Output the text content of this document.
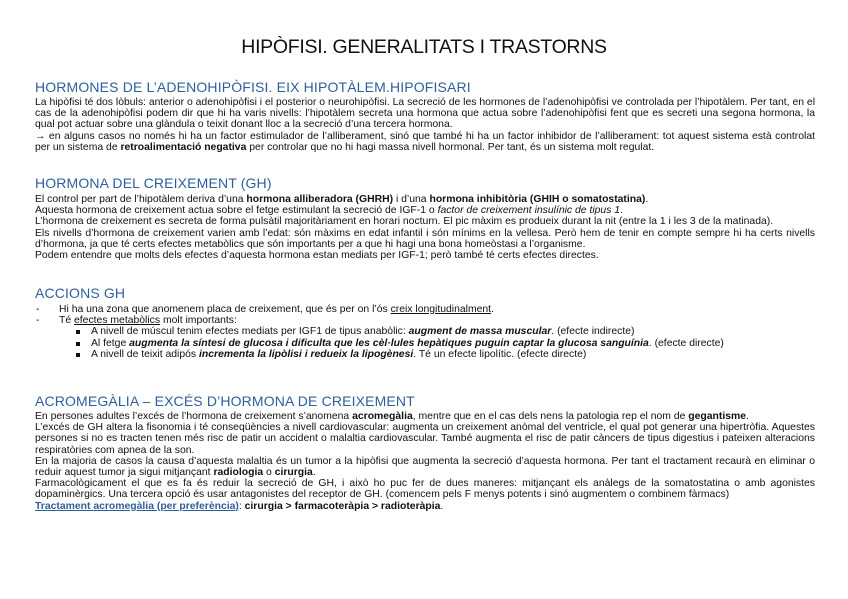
HIPÒFISI. GENERALITATS I TRASTORNS
HORMONES DE L’ADENOHIPÒFISI. EIX HIPOTÀLEM.HIPOFISARI

La hipòfisi té dos lòbuls: anterior o adenohipòfisi i el posterior o neurohipòfisi. La secreció de les hormones de l’adenohipòfisi ve controlada per l’hipotàlem. Per tant, en el cas de la adenohipòfisi podem dir que hi ha varis nivells: l’hipotàlem secreta una hormona que actua sobre l’adenohipòfisi fent que es secreti una segona hormona, la qual pot actuar sobre una glàndula o teixit donant lloc a la secreció d’una tercera hormona.

→ en alguns casos no només hi ha un factor estimulador de l’alliberament, sinó que també hi ha un factor inhibidor de l’alliberament: tot aquest sistema està controlat per un sistema de retroalimentació negativa per controlar que no hi hagi massa nivell hormonal. Per tant, és un sistema molt regulat.

HORMONA DEL CREIXEMENT (GH)

El control per part de l’hipotàlem deriva d’una hormona alliberadora (GHRH) i d’una hormona inhibitòria (GHIH o somatostatina).

Aquesta hormona de creixement actua sobre el fetge estimulant la secreció de IGF-1 o factor de creixement insulínic de tipus 1.

L’hormona de creixement es secreta de forma pulsàtil majoritàriament en horari nocturn. El pic màxim es produeix durant la nit (entre la 1 i les 3 de la matinada).

Els nivells d’hormona de creixement varien amb l’edat: són màxims en edat infantil i són mínims en la vellesa. Però hem de tenir en compte sempre hi ha certs nivells d’hormona, ja que té certs efectes metabòlics que són importants per a que hi hagi una bona homeòstasi a l’organisme.

Podem entendre que molts dels efectes d’aquesta hormona estan mediats per IGF-1; però també té certs efectes directes.

ACCIONS GH
- Hi ha una zona que anomenem placa de creixement, que és per on l’ós creix longitudinalment.
- Té efectes metabòlics molt importants:
A nivell de múscul tenim efectes mediats per IGF1 de tipus anabòlic: augment de massa muscular. (efecte indirecte)
Al fetge augmenta la síntesi de glucosa i dificulta que les cèl·lules hepàtiques puguin captar la glucosa sanguínia. (efecte directe)
A nivell de teixit adipós incrementa la lipòlisi i redueix la lipogènesi. Té un efecte lipolític. (efecte directe)
ACROMEGÀLIA – EXCÉS D’HORMONA DE CREIXEMENT

En persones adultes l’excés de l’hormona de creixement s’anomena acromegàlia, mentre que en el cas dels nens la patologia rep el nom de gegantisme.

L’excés de GH altera la fisonomia i té conseqüències a nivell cardiovascular: augmenta un creixement anòmal del ventricle, el qual pot generar una hipertròfia. Aquestes persones si no es tracten tenen més risc de patir un accident o malaltia cardiovascular. També augmenta el risc de patir càncers de tipus digestius i pateixen alteracions respiratòries com apnea de la son.

En la majoria de casos la causa d’aquesta malaltia és un tumor a la hipòfisi que augmenta la secreció d’aquesta hormona. Per tant el tractament recaurà en eliminar o reduir aquest tumor ja sigui mitjançant radiologia o cirurgia.

Farmacològicament el que es fa és reduir la secreció de GH, i això ho puc fer de dues maneres: mitjançant els anàlegs de la somatostatina o amb agonistes dopaminèrgics. Una tercera opció és usar antagonistes del receptor de GH. (comencem pels F menys potents i sinó augmentem o combinem fàrmacs)

Tractament acromegàlia (per preferència): cirurgia > farmacoteràpia > radioteràpia.
